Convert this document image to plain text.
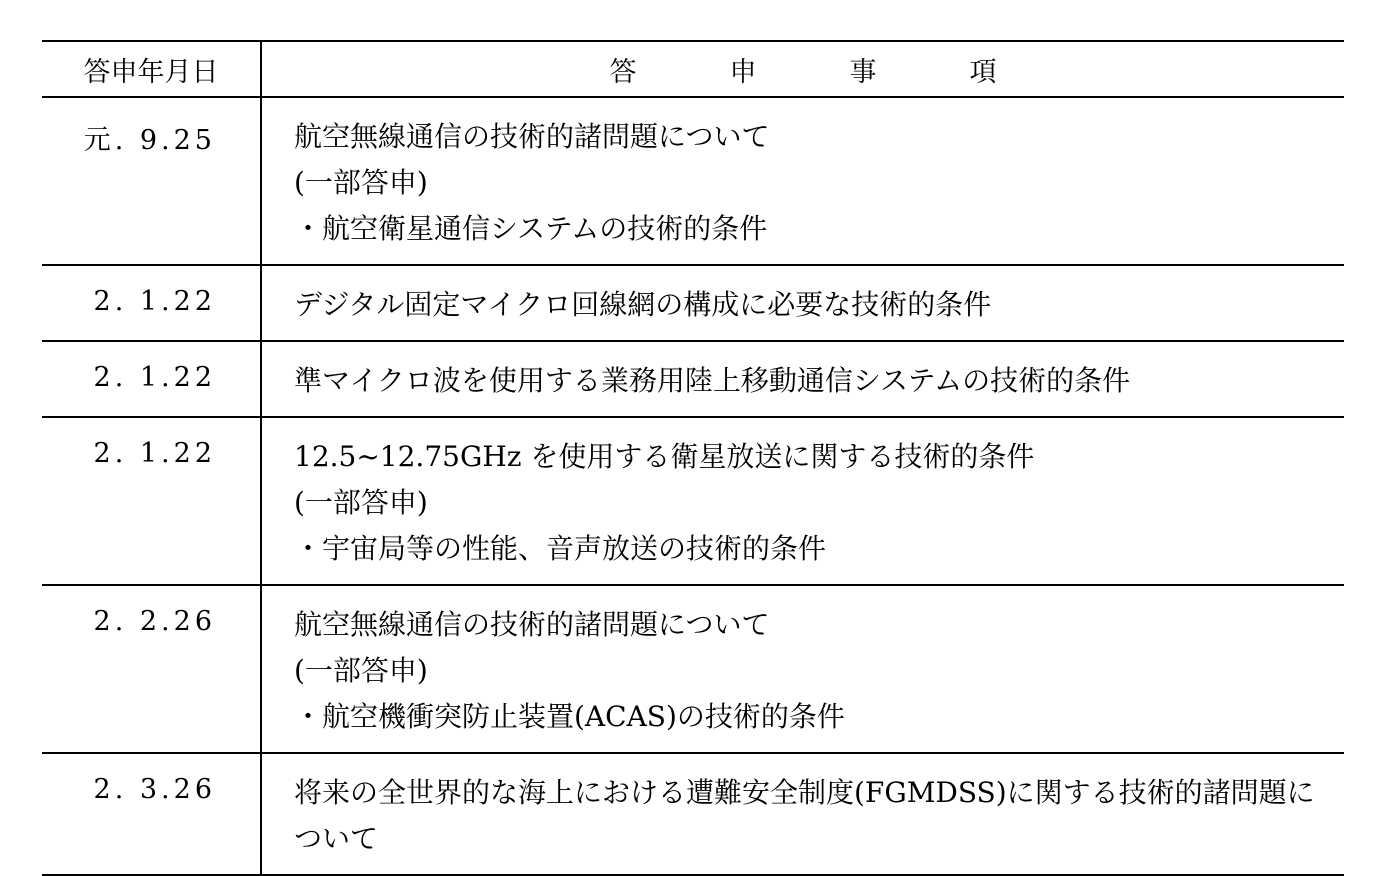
答申年月日	答 申 事 項

元. 9.25	航空無線通信の技術的諸問題について
(一部答申)
・航空衛星通信システムの技術的条件

2. 1.22	デジタル固定マイクロ回線網の構成に必要な技術的条件

2. 1.22	準マイクロ波を使用する業務用陸上移動通信システムの技術的条件

2. 1.22	12.5~12.75GHz を使用する衛星放送に関する技術的条件
(一部答申)
・宇宙局等の性能、音声放送の技術的条件

2. 2.26	航空無線通信の技術的諸問題について
(一部答申)
・航空機衝突防止装置(ACAS)の技術的条件

2. 3.26	将来の全世界的な海上における遭難安全制度(FGMDSS)に関する技術的諸問題について
